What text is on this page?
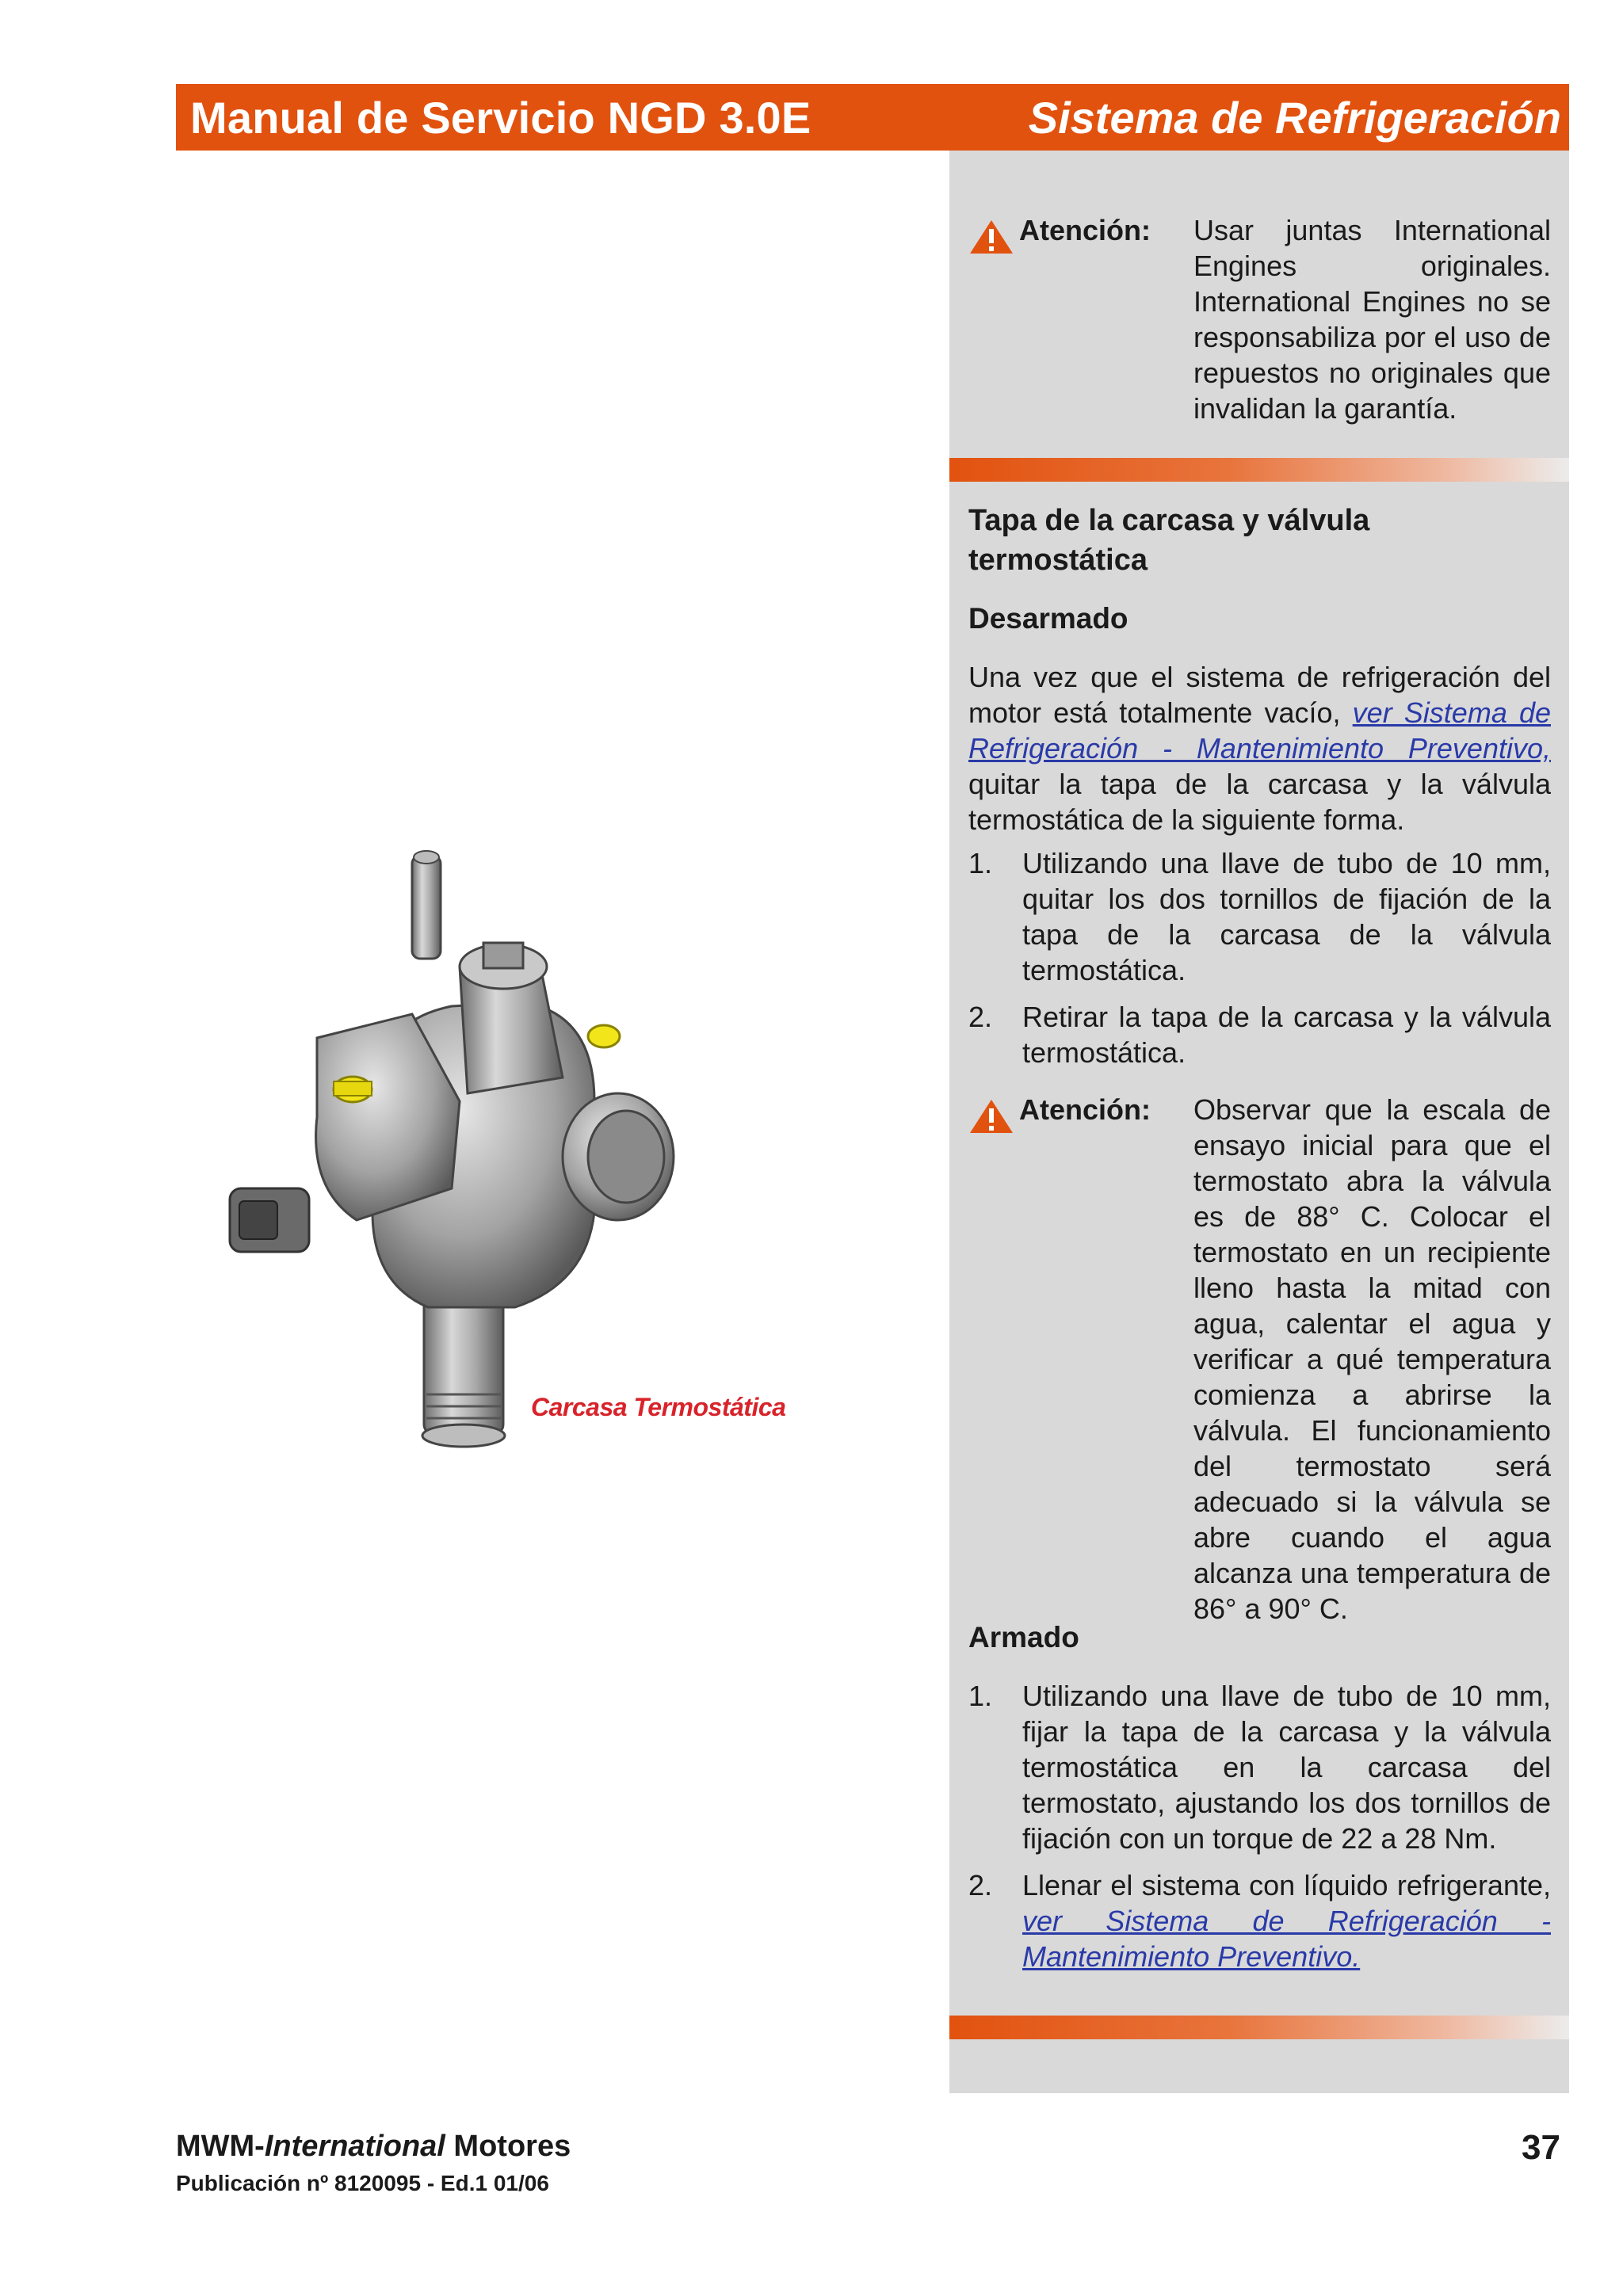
Manual de Servicio NGD 3.0E	Sistema de Refrigeración
Atención:	Usar juntas International Engines originales. International Engines no se responsabiliza por el uso de repuestos no originales que invalidan la garantía.

Tapa de la carcasa y válvula termostática

Desarmado

Una vez que el sistema de refrigeración del motor está totalmente vacío, ver Sistema de Refrigeración - Mantenimiento Preventivo, quitar la tapa de la carcasa y la válvula termostática de la siguiente forma.

1.	Utilizando una llave de tubo de 10 mm, quitar los dos tornillos de fijación de la tapa de la carcasa de la válvula termostática.
2.	Retirar la tapa de la carcasa y la válvula termostática.
Atención:	Observar que la escala de ensayo inicial para que el termostato abra la válvula es de 88° C. Colocar el termostato en un recipiente lleno hasta la mitad con agua, calentar el agua y verificar a qué temperatura comienza a abrirse la válvula. El funcionamiento del termostato será adecuado si la válvula se abre cuando el agua alcanza una temperatura de 86° a 90° C.

Armado

1.	Utilizando una llave de tubo de 10 mm, fijar la tapa de la carcasa y la válvula termostática en la carcasa del termostato, ajustando los dos tornillos de fijación con un torque de 22 a 28 Nm.
2.	Llenar el sistema con líquido refrigerante, ver Sistema de Refrigeración - Mantenimiento Preventivo.
Carcasa Termostática
MWM-International Motores
Publicación nº 8120095 - Ed.1 01/06
37
